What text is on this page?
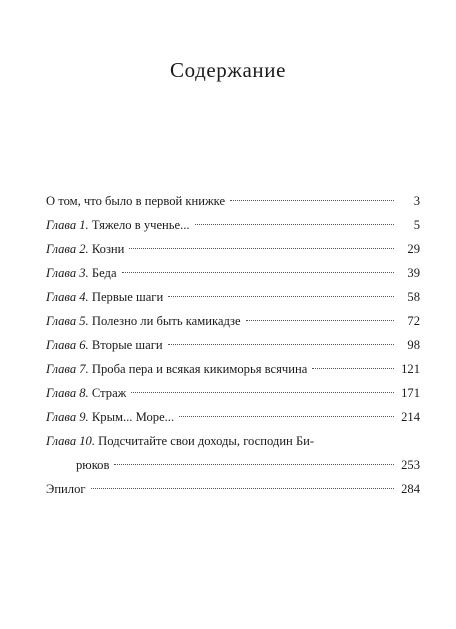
Содержание
О том, что было в первой книжке	3
Глава 1. Тяжело в ученье...	5
Глава 2. Козни	29
Глава 3. Беда	39
Глава 4. Первые шаги	58
Глава 5. Полезно ли быть камикадзе	72
Глава 6. Вторые шаги	98
Глава 7. Проба пера и всякая кикиморья всячина	121
Глава 8. Страж	171
Глава 9. Крым... Море...	214
Глава 10. Подсчитайте свои доходы, господин Би-
рюков	253
Эпилог	284
